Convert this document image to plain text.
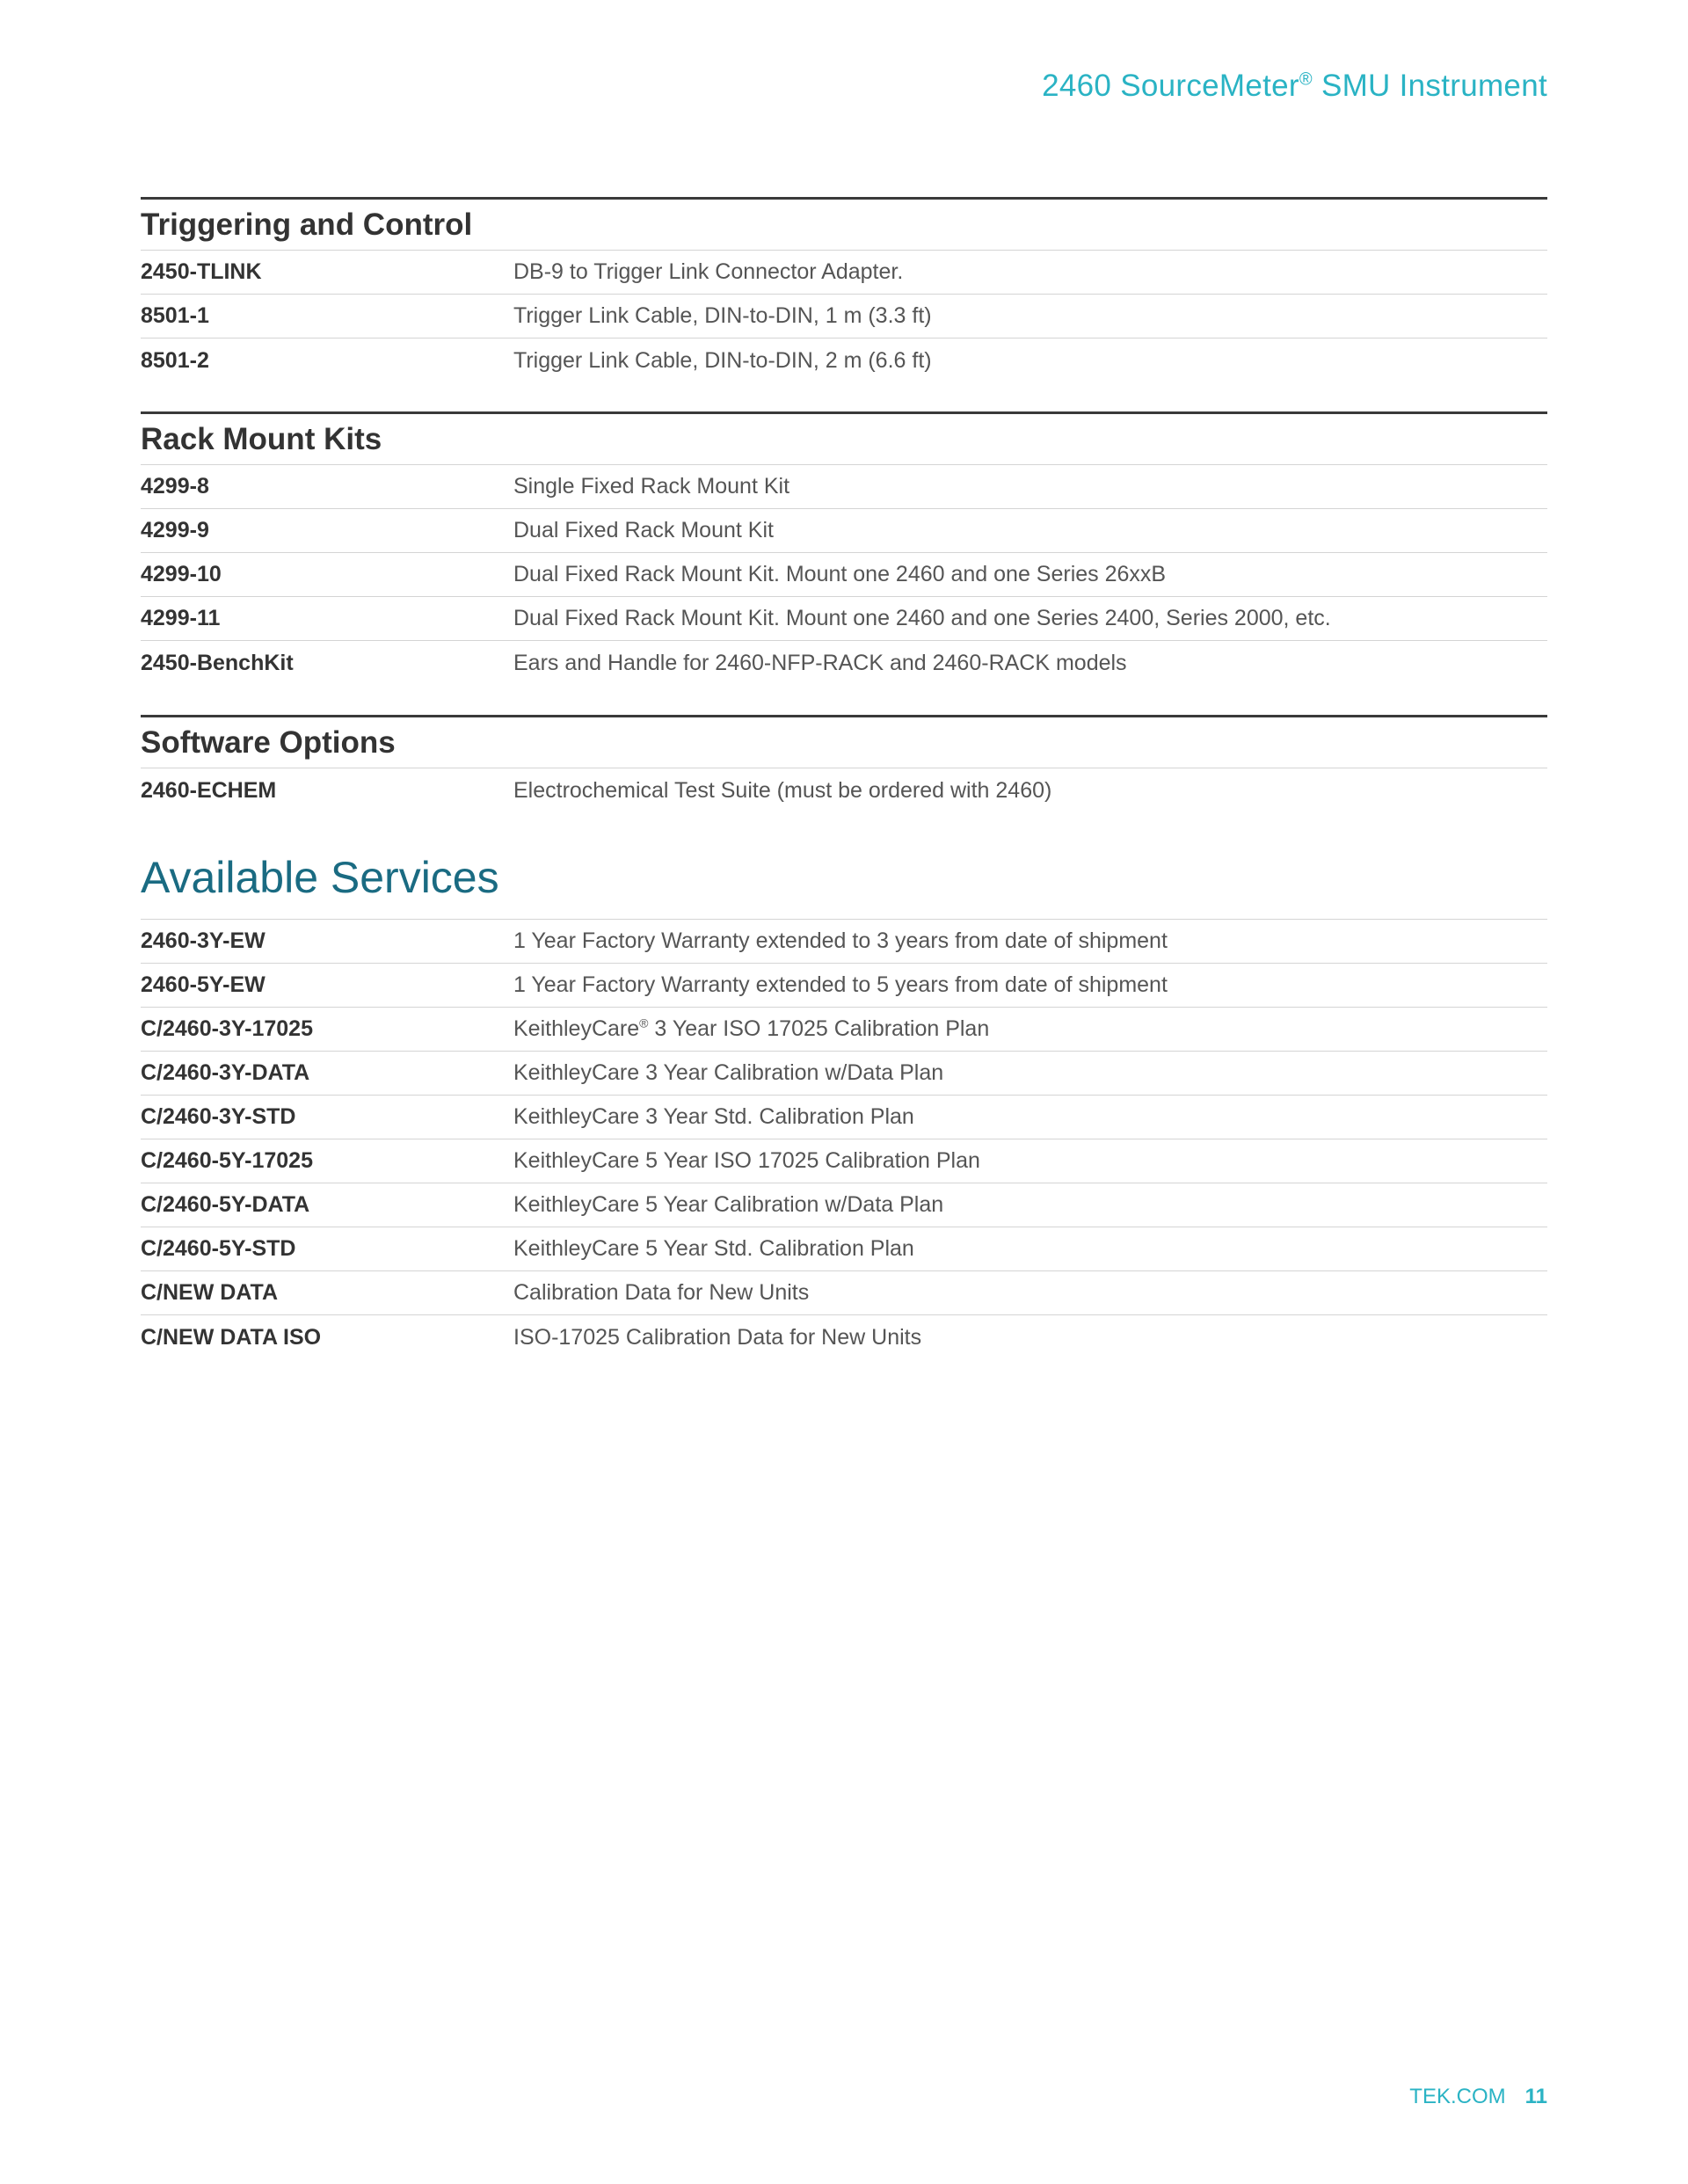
2460 SourceMeter® SMU Instrument
Triggering and Control
2450-TLINK	DB-9 to Trigger Link Connector Adapter.
8501-1	Trigger Link Cable, DIN-to-DIN, 1 m (3.3 ft)
8501-2	Trigger Link Cable, DIN-to-DIN, 2 m (6.6 ft)
Rack Mount Kits
4299-8	Single Fixed Rack Mount Kit
4299-9	Dual Fixed Rack Mount Kit
4299-10	Dual Fixed Rack Mount Kit. Mount one 2460 and one Series 26xxB
4299-11	Dual Fixed Rack Mount Kit. Mount one 2460 and one Series 2400, Series 2000, etc.
2450-BenchKit	Ears and Handle for 2460-NFP-RACK and 2460-RACK models
Software Options
2460-ECHEM	Electrochemical Test Suite (must be ordered with 2460)
Available Services
2460-3Y-EW	1 Year Factory Warranty extended to 3 years from date of shipment
2460-5Y-EW	1 Year Factory Warranty extended to 5 years from date of shipment
C/2460-3Y-17025	KeithleyCare® 3 Year ISO 17025 Calibration Plan
C/2460-3Y-DATA	KeithleyCare 3 Year Calibration w/Data Plan
C/2460-3Y-STD	KeithleyCare 3 Year Std. Calibration Plan
C/2460-5Y-17025	KeithleyCare 5 Year ISO 17025 Calibration Plan
C/2460-5Y-DATA	KeithleyCare 5 Year Calibration w/Data Plan
C/2460-5Y-STD	KeithleyCare 5 Year Std. Calibration Plan
C/NEW DATA	Calibration Data for New Units
C/NEW DATA ISO	ISO-17025 Calibration Data for New Units
TEK.COM 11
